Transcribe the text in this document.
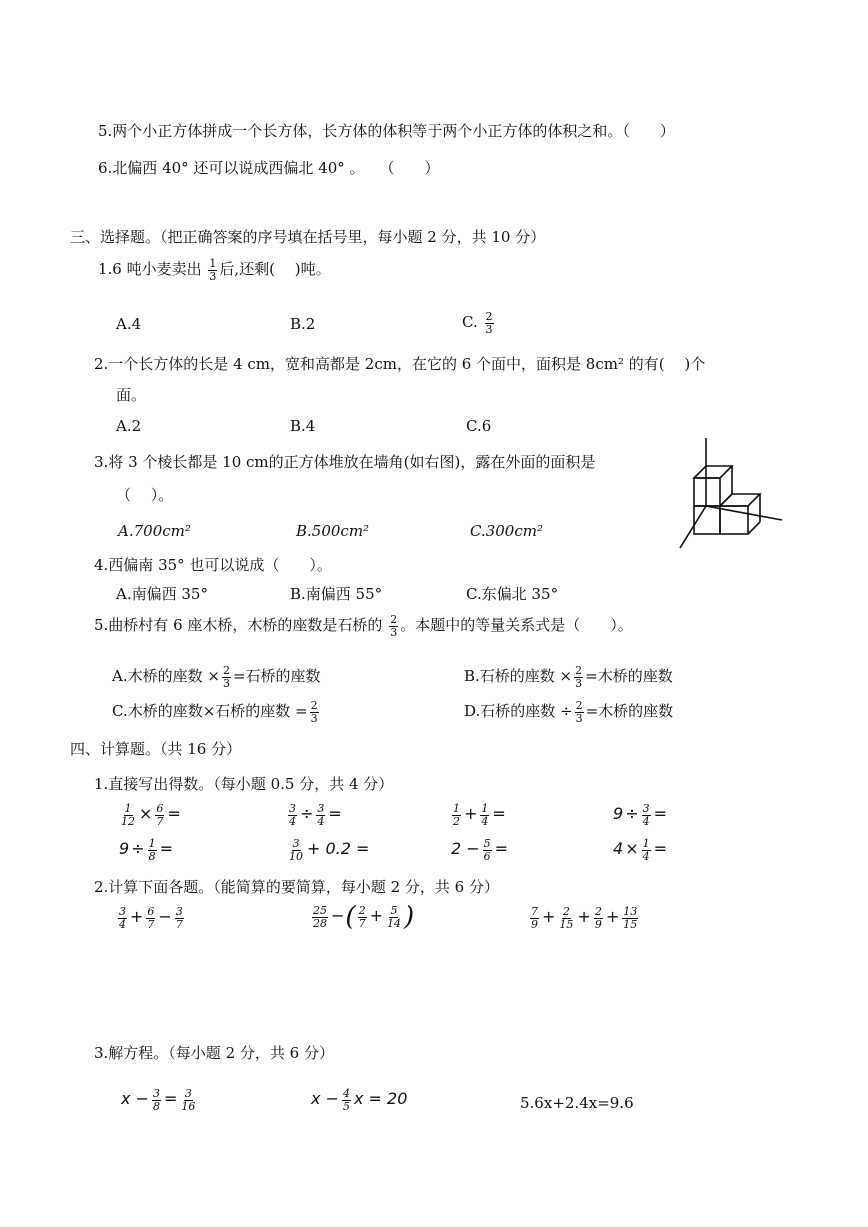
5.两个小正方体拼成一个长方体，长方体的体积等于两个小正方体的体积之和。（　　）
6.北偏西 40° 还可以说成西偏北 40° 。　　（　　）
三、选择题。（把正确答案的序号填在括号里，每小题 2 分，共 10 分）
1.6 吨小麦卖出 $\frac{1}{3}$ 后,还剩(　 )吨。
A.4	B.2	C. $\frac{2}{3}$
2.一个长方体的长是 4 cm，宽和高都是 2cm，在它的 6 个面中，面积是 8cm² 的有(　 )个
面。
A.2	B.4	C.6
3.将 3 个棱长都是 10 cm的正方体堆放在墙角(如右图)，露在外面的面积是
（　 ）。
A.700cm²	B.500cm²	C.300cm²
4.西偏南 35° 也可以说成（　　）。
A.南偏西 35°	B.南偏西 55°	C.东偏北 35°
5.曲桥村有 6 座木桥，木桥的座数是石桥的 $\frac{2}{3}$ 。本题中的等量关系式是（　　）。
A.木桥的座数 × $\frac{2}{3}$ =石桥的座数	B.石桥的座数 × $\frac{2}{3}$ =木桥的座数
C.木桥的座数×石桥的座数 = $\frac{2}{3}$	D.石桥的座数 ÷ $\frac{2}{3}$ =木桥的座数
四、计算题。（共 16 分）
1.直接写出得数。（每小题 0.5 分，共 4 分）
$\frac{1}{12} \times \frac{6}{7}$ =	$\frac{3}{4} \div \frac{3}{4}$ =	$\frac{1}{2} + \frac{1}{4}$ =	$9 \div \frac{3}{4}$ =
$9 \div \frac{1}{8}$ =	$\frac{3}{10} + 0.2$ =	$2 - \frac{5}{6}$ =	$4 \times \frac{1}{4}$ =
2.计算下面各题。（能简算的要简算，每小题 2 分，共 6 分）
$\frac{3}{4} + \frac{6}{7} - \frac{3}{7}$	$\frac{25}{28}$ −( $\frac{2}{7} + \frac{5}{14}$ )	$\frac{7}{9} + \frac{2}{15} + \frac{2}{9} + \frac{13}{15}$
3.解方程。（每小题 2 分，共 6 分）
$x - \frac{3}{8} = \frac{3}{16}$	$x - \frac{4}{5}$ x = 20	5.6x+2.4x=9.6
